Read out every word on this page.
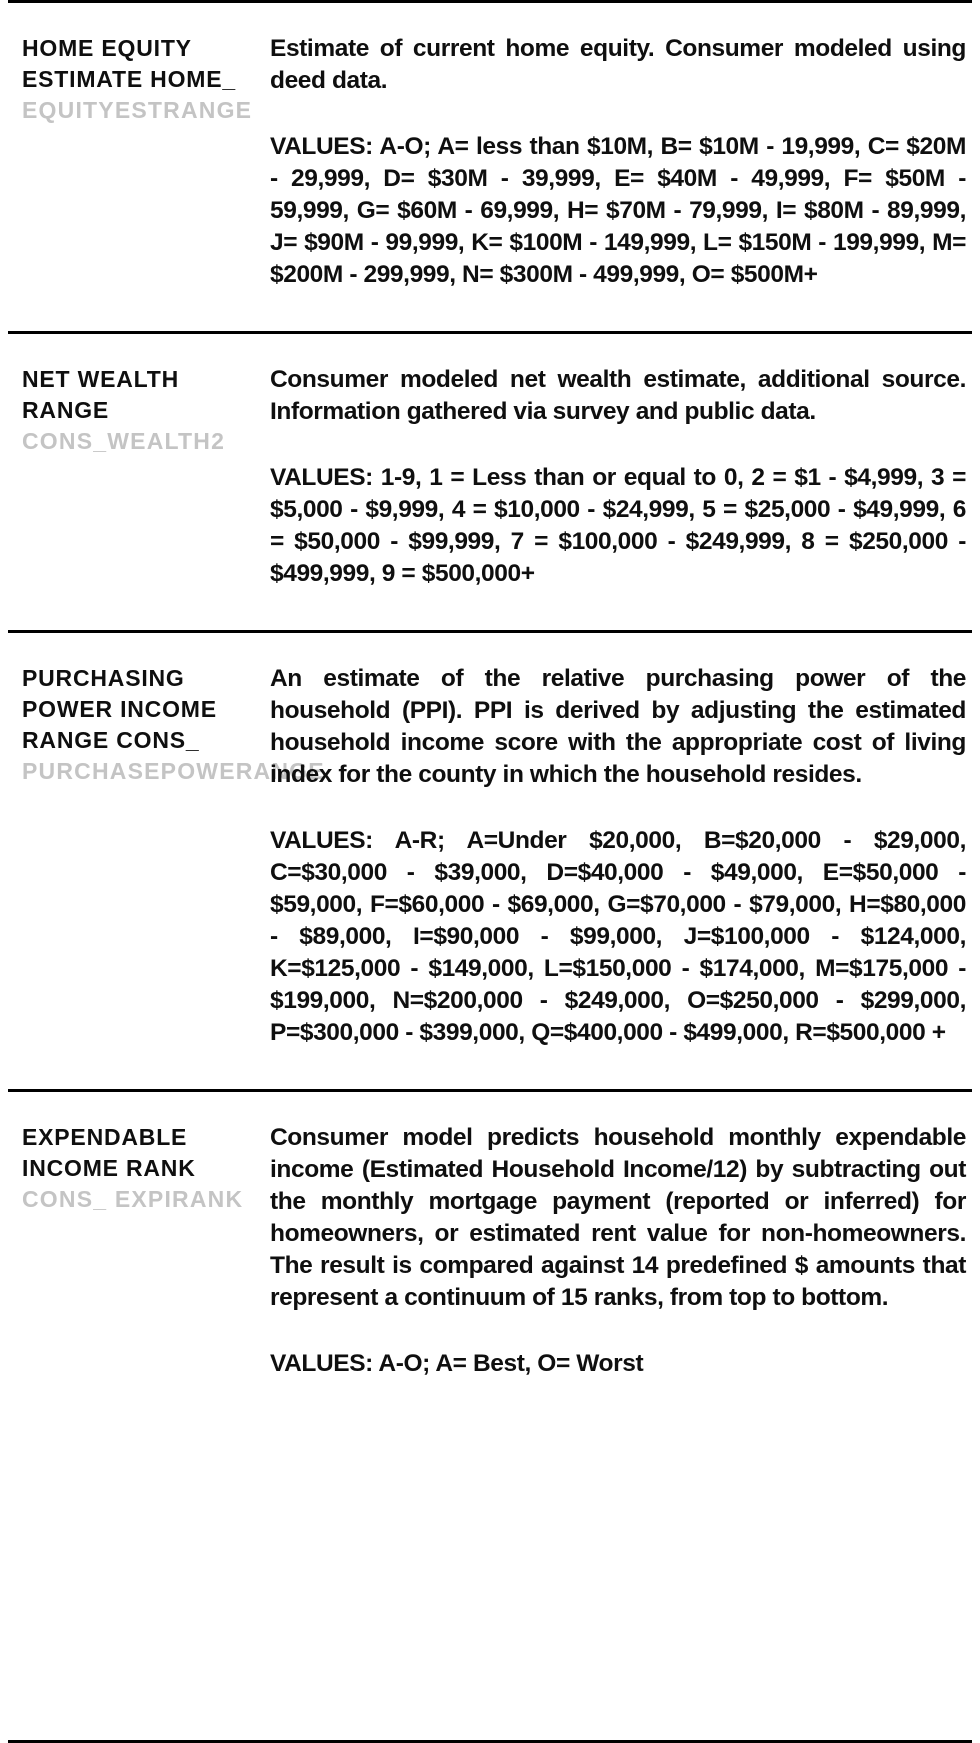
HOME EQUITY ESTIMATE HOME_
EQUITYESTRANGE

Estimate of current home equity. Consumer modeled using deed data.

VALUES: A-O; A= less than $10M, B= $10M - 19,999, C= $20M - 29,999, D= $30M - 39,999, E= $40M - 49,999, F= $50M - 59,999, G= $60M - 69,999, H= $70M - 79,999, I= $80M - 89,999, J= $90M - 99,999, K= $100M - 149,999, L= $150M - 199,999, M= $200M - 299,999, N= $300M - 499,999, O= $500M+

NET WEALTH RANGE
CONS_WEALTH2

Consumer modeled net wealth estimate, additional source. Information gathered via survey and public data.

VALUES: 1-9, 1 = Less than or equal to 0, 2 = $1 - $4,999, 3 = $5,000 - $9,999, 4 = $10,000 - $24,999, 5 = $25,000 - $49,999, 6 = $50,000 - $99,999, 7 = $100,000 - $249,999, 8 = $250,000 - $499,999, 9 = $500,000+

PURCHASING POWER INCOME RANGE CONS_
PURCHASEPOWERANGE

An estimate of the relative purchasing power of the household (PPI). PPI is derived by adjusting the estimated household income score with the appropriate cost of living index for the county in which the household resides.

VALUES: A-R; A=Under $20,000, B=$20,000 - $29,000, C=$30,000 - $39,000, D=$40,000 - $49,000, E=$50,000 - $59,000, F=$60,000 - $69,000, G=$70,000 - $79,000, H=$80,000 - $89,000, I=$90,000 - $99,000, J=$100,000 - $124,000, K=$125,000 - $149,000, L=$150,000 - $174,000, M=$175,000 - $199,000, N=$200,000 - $249,000, O=$250,000 - $299,000, P=$300,000 - $399,000, Q=$400,000 - $499,000, R=$500,000 +

EXPENDABLE INCOME RANK
CONS_ EXPIRANK

Consumer model predicts household monthly expendable income (Estimated Household Income/12) by subtracting out the monthly mortgage payment (reported or inferred) for homeowners, or estimated rent value for non-homeowners. The result is compared against 14 predefined $ amounts that represent a continuum of 15 ranks, from top to bottom.

VALUES: A-O; A= Best, O= Worst
